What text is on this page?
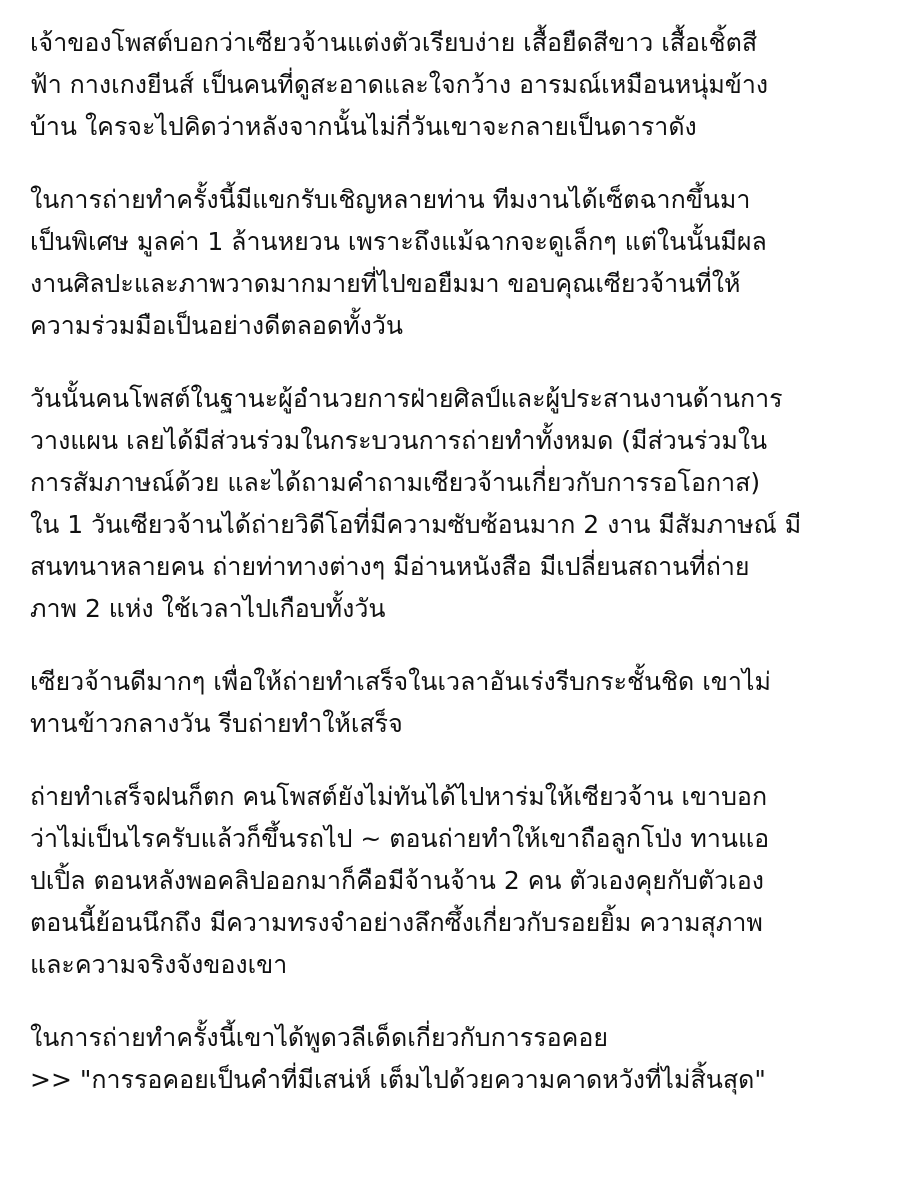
เจ้าของโพสต์บอกว่าเซียวจ้านแต่งตัวเรียบง่าย เสื้อยืดสีขาว เสื้อเชิ้ตสี
ฟ้า กางเกงยีนส์ เป็นคนที่ดูสะอาดและใจกว้าง อารมณ์เหมือนหนุ่มข้าง
บ้าน ใครจะไปคิดว่าหลังจากนั้นไม่กี่วันเขาจะกลายเป็นดาราดัง
ในการถ่ายทำครั้งนี้มีแขกรับเชิญหลายท่าน ทีมงานได้เซ็ตฉากขึ้นมา
เป็นพิเศษ มูลค่า 1 ล้านหยวน เพราะถึงแม้ฉากจะดูเล็กๆ แต่ในนั้นมีผล
งานศิลปะและภาพวาดมากมายที่ไปขอยืมมา ขอบคุณเซียวจ้านที่ให้
ความร่วมมือเป็นอย่างดีตลอดทั้งวัน
วันนั้นคนโพสต์ในฐานะผู้อำนวยการฝ่ายศิลป์และผู้ประสานงานด้านการ
วางแผน เลยได้มีส่วนร่วมในกระบวนการถ่ายทำทั้งหมด (มีส่วนร่วมใน
การสัมภาษณ์ด้วย และได้ถามคำถามเซียวจ้านเกี่ยวกับการรอโอกาส)
ใน 1 วันเซียวจ้านได้ถ่ายวิดีโอที่มีความซับซ้อนมาก 2 งาน มีสัมภาษณ์ มี
สนทนาหลายคน ถ่ายท่าทางต่างๆ มีอ่านหนังสือ มีเปลี่ยนสถานที่ถ่าย
ภาพ 2 แห่ง ใช้เวลาไปเกือบทั้งวัน
เซียวจ้านดีมากๆ เพื่อให้ถ่ายทำเสร็จในเวลาอันเร่งรีบกระชั้นชิด เขาไม่
ทานข้าวกลางวัน รีบถ่ายทำให้เสร็จ
ถ่ายทำเสร็จฝนก็ตก คนโพสต์ยังไม่ทันได้ไปหาร่มให้เซียวจ้าน เขาบอก
ว่าไม่เป็นไรครับแล้วก็ขึ้นรถไป ~ ตอนถ่ายทำให้เขาถือลูกโป่ง ทานแอ
ปเปิ้ล ตอนหลังพอคลิปออกมาก็คือมีจ้านจ้าน 2 คน ตัวเองคุยกับตัวเอง
ตอนนี้ย้อนนึกถึง มีความทรงจำอย่างลึกซึ้งเกี่ยวกับรอยยิ้ม ความสุภาพ
และความจริงจังของเขา
ในการถ่ายทำครั้งนี้เขาได้พูดวลีเด็ดเกี่ยวกับการรอคอย
>> "การรอคอยเป็นคำที่มีเสน่ห์ เต็มไปด้วยความคาดหวังที่ไม่สิ้นสุด"
